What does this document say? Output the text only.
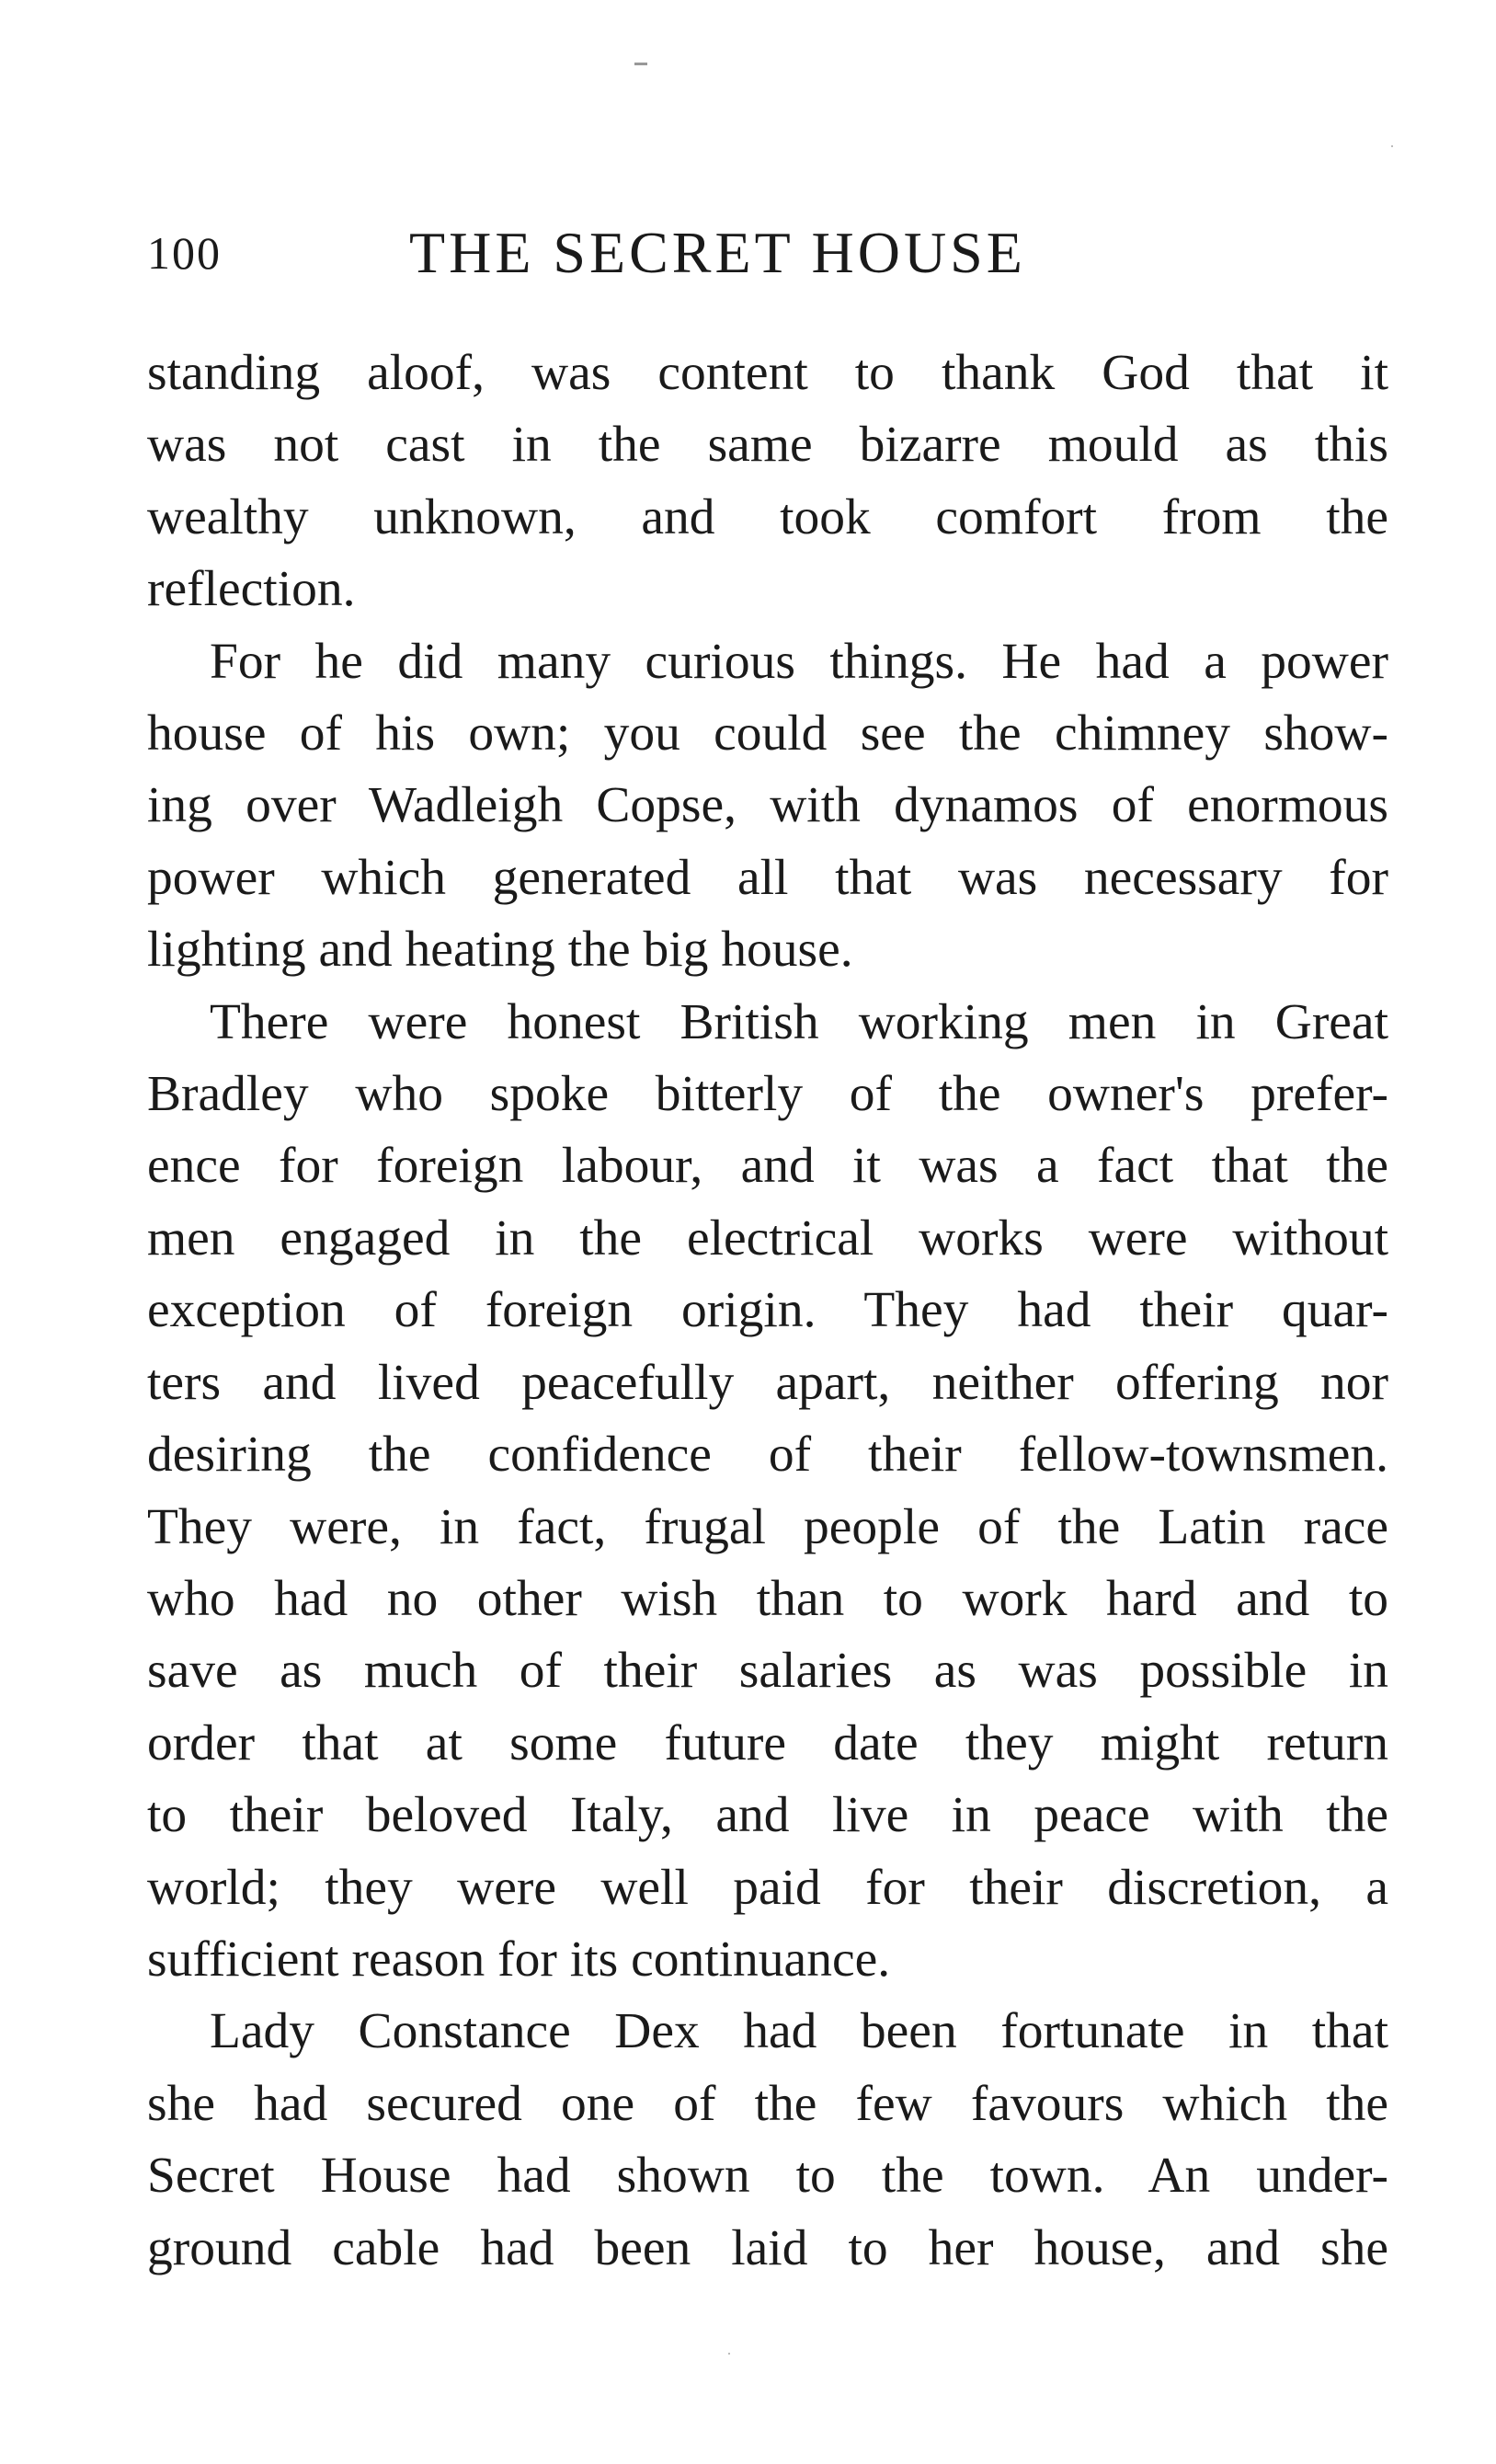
100	THE SECRET HOUSE
standing aloof, was content to thank God that it
was not cast in the same bizarre mould as this
wealthy unknown, and took comfort from the
reflection.
For he did many curious things. He had a power
house of his own; you could see the chimney show-
ing over Wadleigh Copse, with dynamos of enormous
power which generated all that was necessary for
lighting and heating the big house.
There were honest British working men in Great
Bradley who spoke bitterly of the owner's prefer-
ence for foreign labour, and it was a fact that the
men engaged in the electrical works were without
exception of foreign origin. They had their quar-
ters and lived peacefully apart, neither offering nor
desiring the confidence of their fellow-townsmen.
They were, in fact, frugal people of the Latin race
who had no other wish than to work hard and to
save as much of their salaries as was possible in
order that at some future date they might return
to their beloved Italy, and live in peace with the
world; they were well paid for their discretion, a
sufficient reason for its continuance.
Lady Constance Dex had been fortunate in that
she had secured one of the few favours which the
Secret House had shown to the town. An under-
ground cable had been laid to her house, and she
